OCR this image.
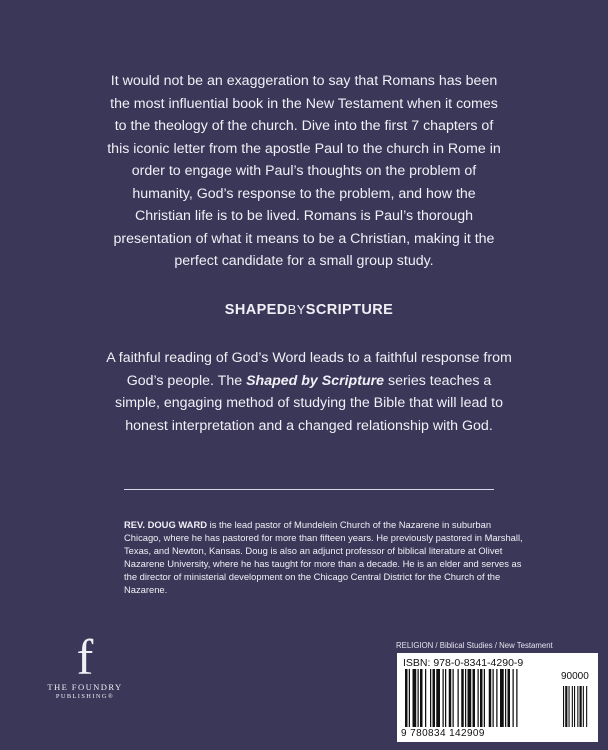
It would not be an exaggeration to say that Romans has been the most influential book in the New Testament when it comes to the theology of the church. Dive into the first 7 chapters of this iconic letter from the apostle Paul to the church in Rome in order to engage with Paul’s thoughts on the problem of humanity, God’s response to the problem, and how the Christian life is to be lived. Romans is Paul’s thorough presentation of what it means to be a Christian, making it the perfect candidate for a small group study.

SHAPEDBYSCRIPTURE

A faithful reading of God’s Word leads to a faithful response from God’s people. The Shaped by Scripture series teaches a simple, engaging method of studying the Bible that will lead to honest interpretation and a changed relationship with God.

REV. DOUG WARD is the lead pastor of Mundelein Church of the Nazarene in suburban Chicago, where he has pastored for more than fifteen years. He previously pastored in Marshall, Texas, and Newton, Kansas. Doug is also an adjunct professor of biblical literature at Olivet Nazarene University, where he has taught for more than a decade. He is an elder and serves as the director of ministerial development on the Chicago Central District for the Church of the Nazarene.

f
THE FOUNDRY
PUBLISHING®

RELIGION / Biblical Studies / New Testament

ISBN: 978-0-8341-4290-9
90000
9 780834 142909
